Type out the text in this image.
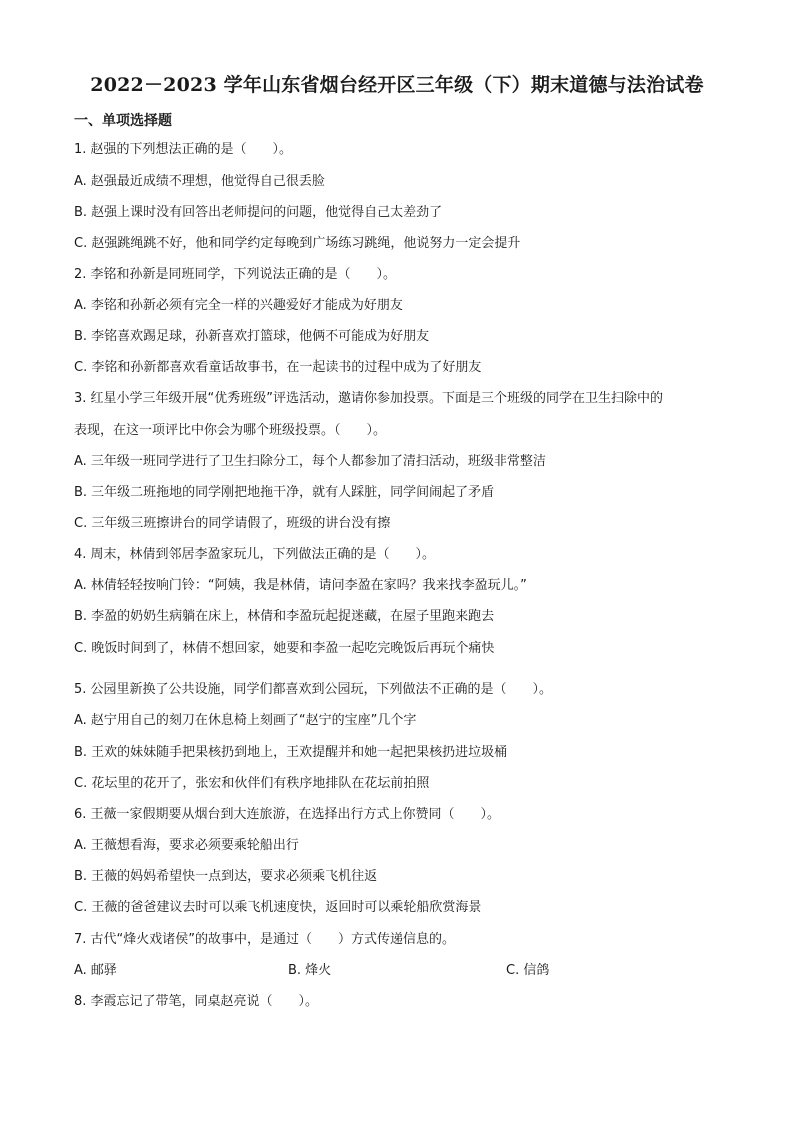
2022－2023 学年山东省烟台经开区三年级（下）期末道德与法治试卷
一、单项选择题
1. 赵强的下列想法正确的是（　　）。
A. 赵强最近成绩不理想，他觉得自己很丢脸
B. 赵强上课时没有回答出老师提问的问题，他觉得自己太差劲了
C. 赵强跳绳跳不好，他和同学约定每晚到广场练习跳绳，他说努力一定会提升
2. 李铭和孙新是同班同学，下列说法正确的是（　　）。
A. 李铭和孙新必须有完全一样的兴趣爱好才能成为好朋友
B. 李铭喜欢踢足球，孙新喜欢打篮球，他俩不可能成为好朋友
C. 李铭和孙新都喜欢看童话故事书，在一起读书的过程中成为了好朋友
3. 红星小学三年级开展“优秀班级”评选活动，邀请你参加投票。下面是三个班级的同学在卫生扫除中的
表现，在这一项评比中你会为哪个班级投票。（　　）。
A. 三年级一班同学进行了卫生扫除分工，每个人都参加了清扫活动，班级非常整洁
B. 三年级二班拖地的同学刚把地拖干净，就有人踩脏，同学间闹起了矛盾
C. 三年级三班擦讲台的同学请假了，班级的讲台没有擦
4. 周末，林倩到邻居李盈家玩儿，下列做法正确的是（　　）。
A. 林倩轻轻按响门铃：“阿姨，我是林倩，请问李盈在家吗？我来找李盈玩儿。”
B. 李盈的奶奶生病躺在床上，林倩和李盈玩起捉迷藏，在屋子里跑来跑去
C. 晚饭时间到了，林倩不想回家，她要和李盈一起吃完晚饭后再玩个痛快
5. 公园里新换了公共设施，同学们都喜欢到公园玩，下列做法不正确的是（　　）。
A. 赵宁用自己的刻刀在休息椅上刻画了“赵宁的宝座”几个字
B. 王欢的妹妹随手把果核扔到地上，王欢提醒并和她一起把果核扔进垃圾桶
C. 花坛里的花开了，张宏和伙伴们有秩序地排队在花坛前拍照
6. 王薇一家假期要从烟台到大连旅游，在选择出行方式上你赞同（　　）。
A. 王薇想看海，要求必须要乘轮船出行
B. 王薇的妈妈希望快一点到达，要求必须乘飞机往返
C. 王薇的爸爸建议去时可以乘飞机速度快，返回时可以乘轮船欣赏海景
7. 古代“烽火戏诸侯”的故事中，是通过（　　）方式传递信息的。
A. 邮驿	B. 烽火	C. 信鸽
8. 李霞忘记了带笔，同桌赵亮说（　　）。
